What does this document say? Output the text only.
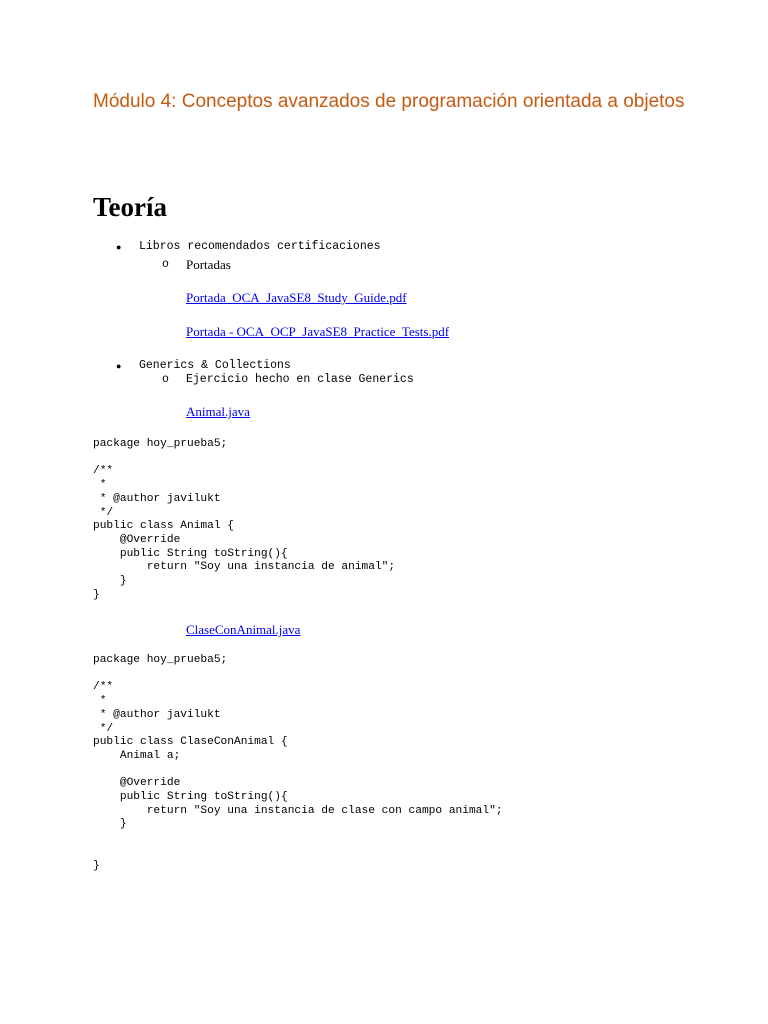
Módulo 4: Conceptos avanzados de programación orientada a objetos
Teoría
● Libros recomendados certificaciones
o Portadas
Portada_OCA_JavaSE8_Study_Guide.pdf
Portada - OCA_OCP_JavaSE8_Practice_Tests.pdf
● Generics & Collections
o Ejercicio hecho en clase Generics
Animal.java
package hoy_prueba5;

/**
*
* @author javilukt
*/
public class Animal {
@Override
public String toString(){
return "Soy una instancia de animal";
}
}
ClaseConAnimal.java
package hoy_prueba5;

/**
*
* @author javilukt
*/
public class ClaseConAnimal {
Animal a;

@Override
public String toString(){
return "Soy una instancia de clase con campo animal";
}

}
